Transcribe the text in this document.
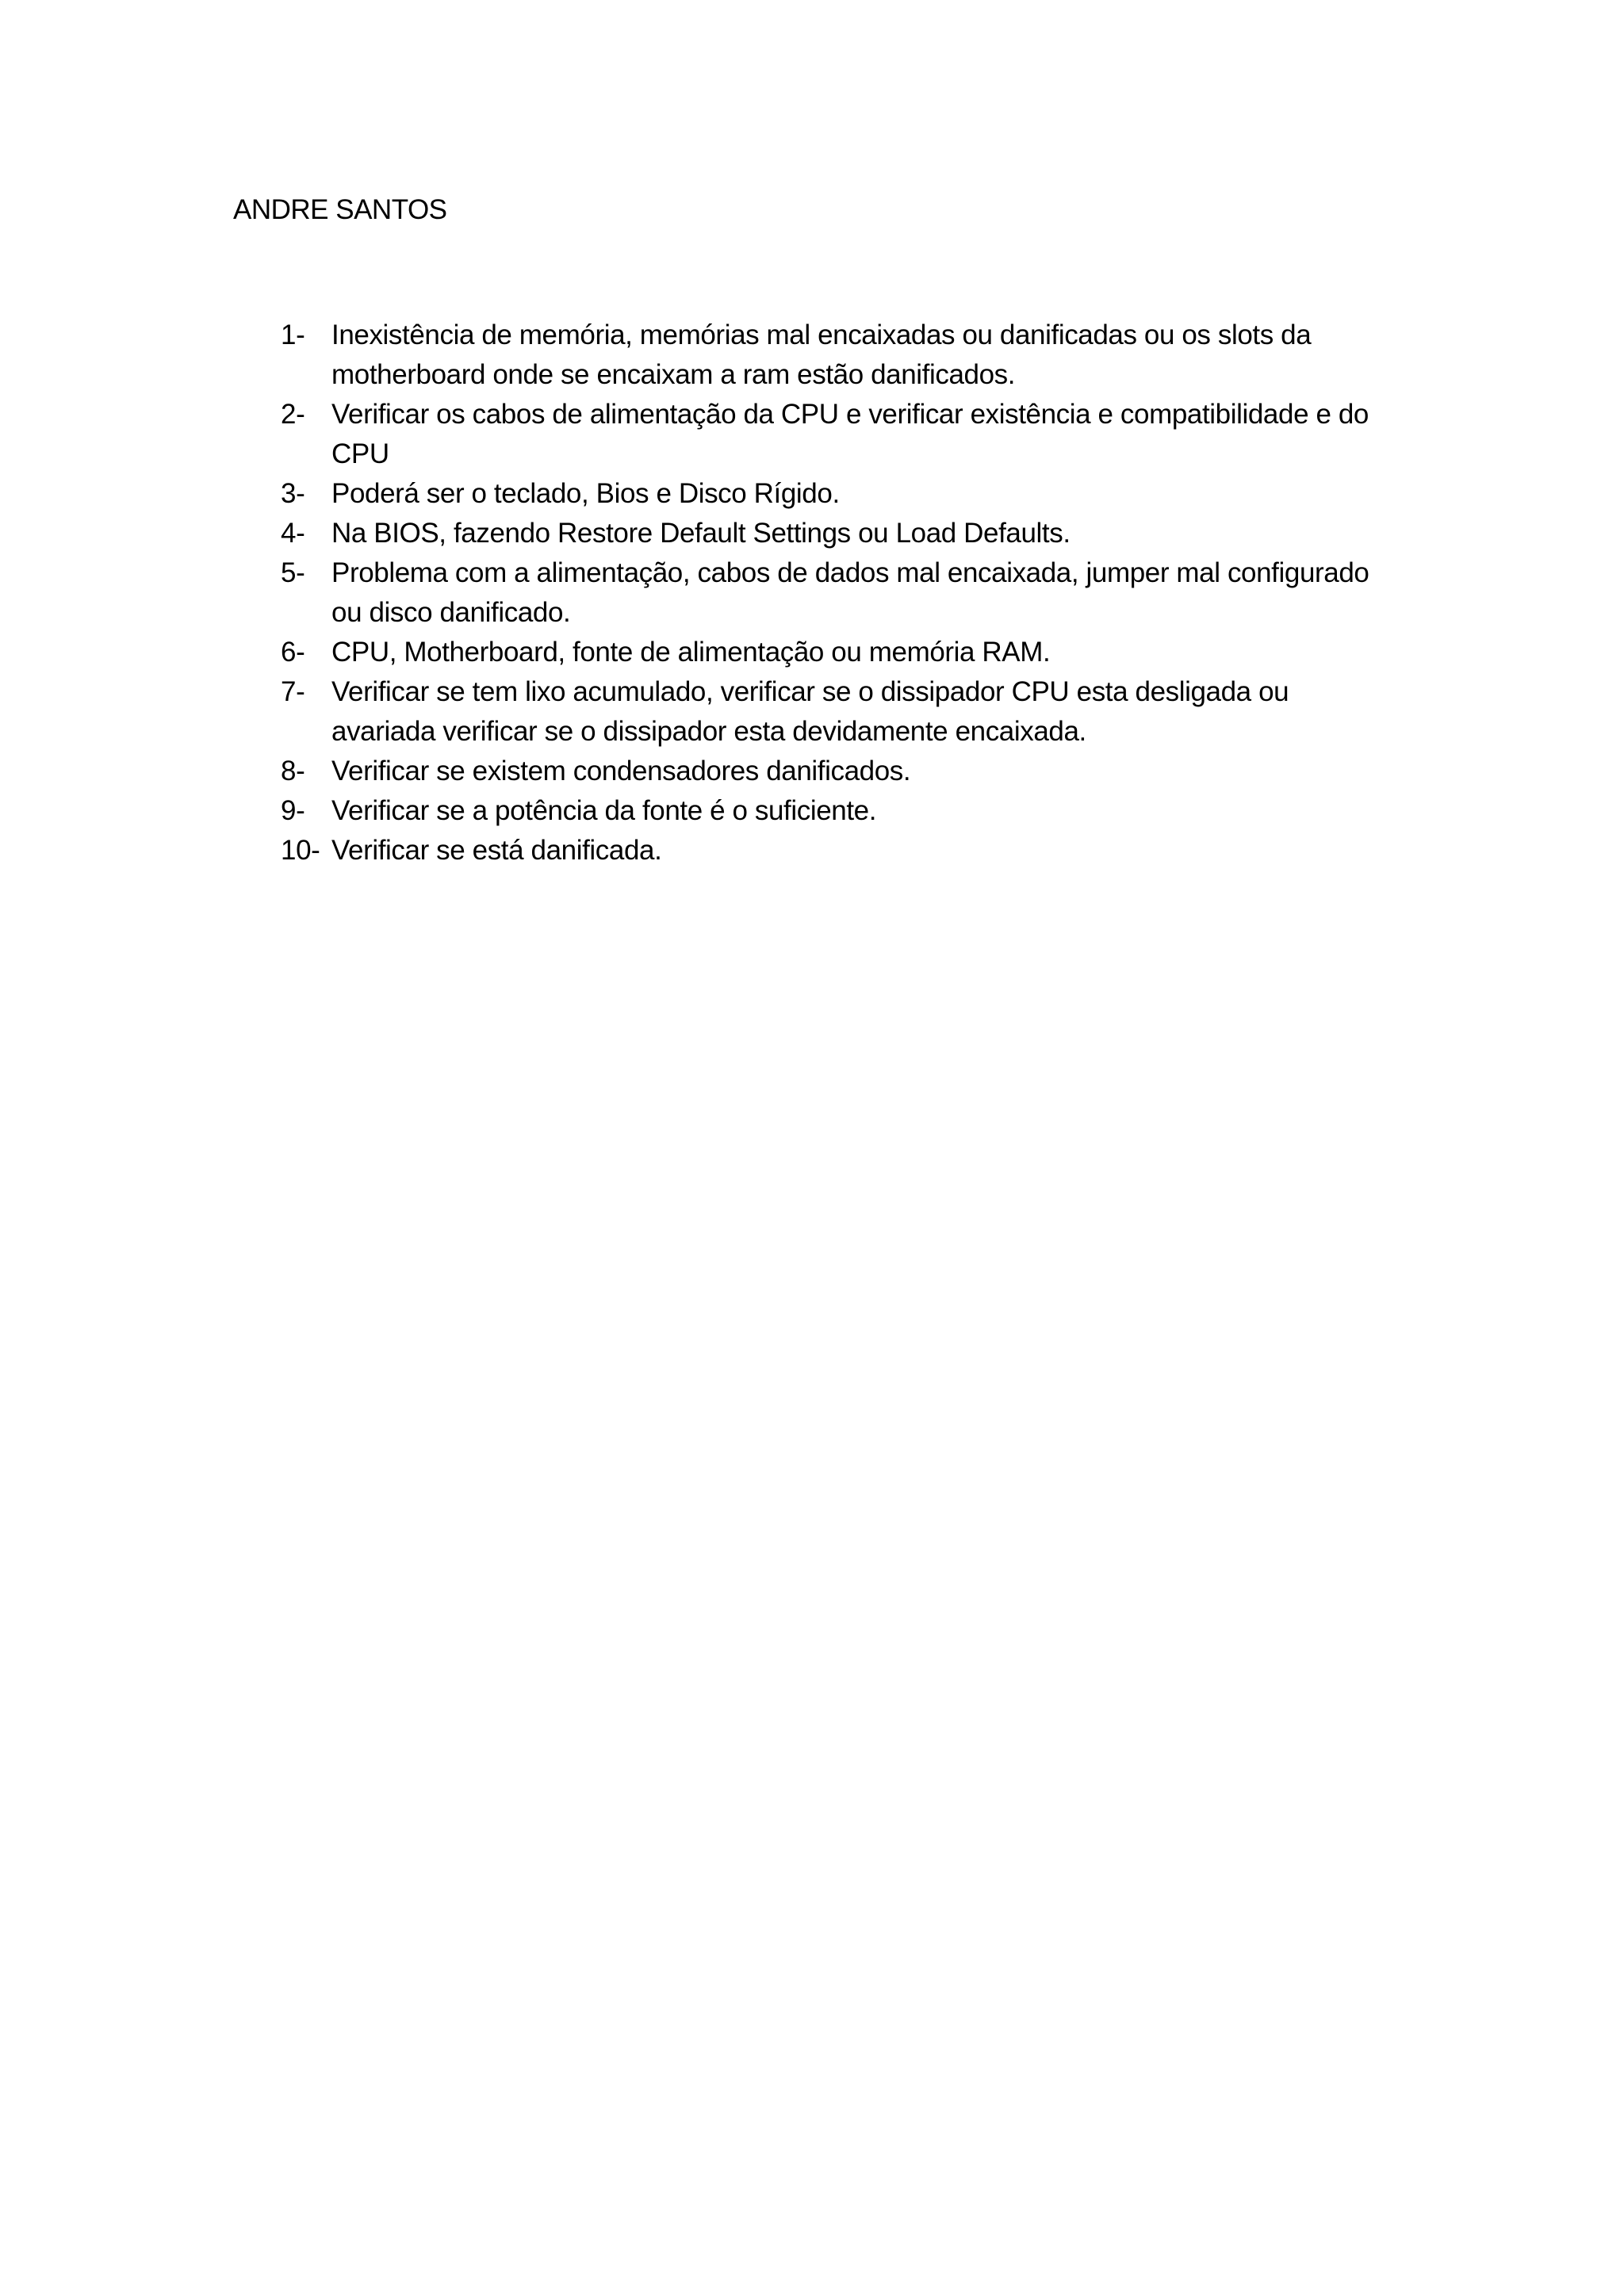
ANDRE SANTOS
1- Inexistência de memória, memórias mal encaixadas ou danificadas ou os slots da motherboard onde se encaixam a ram estão danificados.
2- Verificar os cabos de alimentação da CPU e verificar existência e compatibilidade e do CPU
3- Poderá ser o teclado, Bios e Disco Rígido.
4- Na BIOS, fazendo Restore Default Settings ou Load Defaults.
5- Problema com a alimentação, cabos de dados mal encaixada, jumper mal configurado ou disco danificado.
6- CPU, Motherboard, fonte de alimentação ou memória RAM.
7- Verificar se tem lixo acumulado, verificar se o dissipador CPU esta desligada ou avariada verificar se o dissipador esta devidamente encaixada.
8- Verificar se existem condensadores danificados.
9- Verificar se a potência da fonte é o suficiente.
10- Verificar se está danificada.
